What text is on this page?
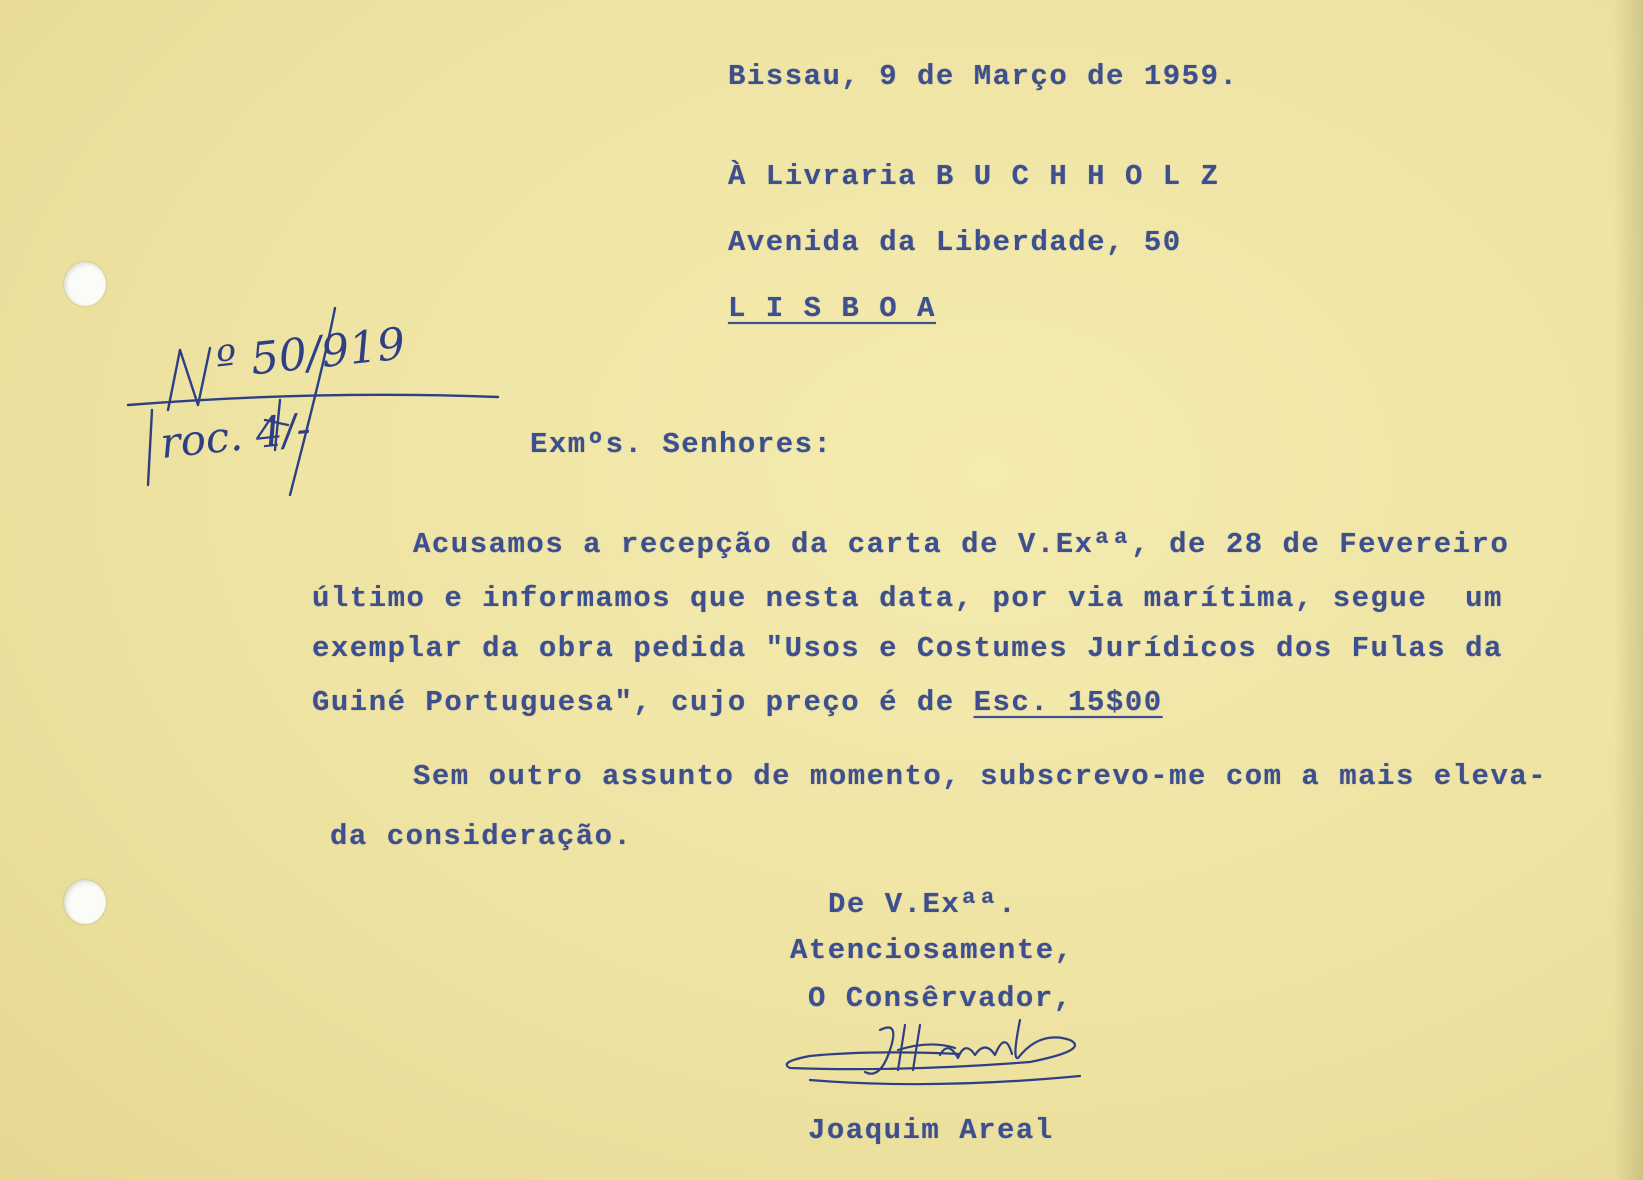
Bissau, 9 de Março de 1959.
À Livraria B U C H H O L Z
Avenida da Liberdade, 50
L I S B O A
º 50/919
roc. 4/-	Exmºs. Senhores:
Acusamos a recepção da carta de V.Exªª, de 28 de Fevereiro
último e informamos que nesta data, por via marítima, segue  um
exemplar da obra pedida "Usos e Costumes Jurídicos dos Fulas da
Guiné Portuguesa", cujo preço é de Esc. 15$00
Sem outro assunto de momento, subscrevo-me com a mais eleva-
da consideração.
De V.Exªª.
Atenciosamente,
O Consêrvador,
Joaquim Areal
